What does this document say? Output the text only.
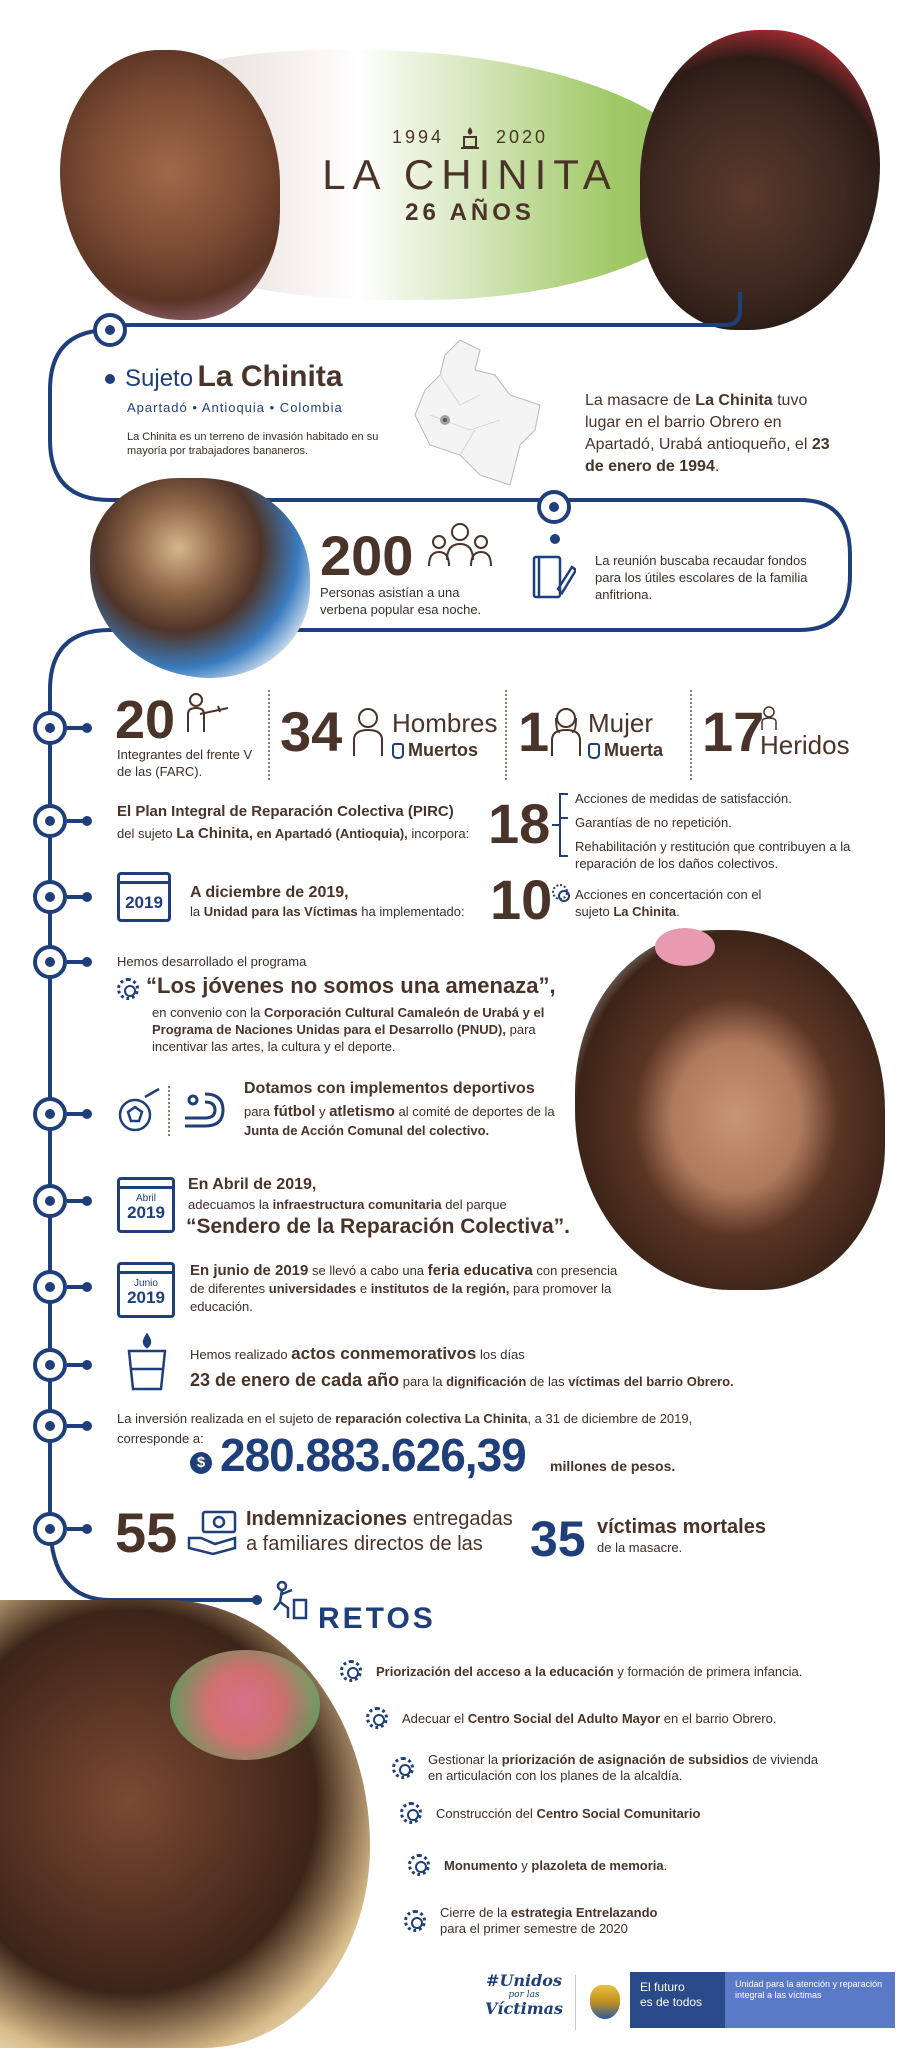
1994	2020
LA CHINITA
26 AÑOS
Sujeto La Chinita
Apartadó • Antioquia • Colombia
La Chinita es un terreno de invasión habitado en su mayoría por trabajadores bananeros.
La masacre de La Chinita tuvo lugar en el barrio Obrero en Apartadó, Urabá antioqueño, el 23 de enero de 1994.
200
Personas asistían a una verbena popular esa noche.
La reunión buscaba recaudar fondos para los útiles escolares de la familia anfitriona.
20
Integrantes del frente V de las (FARC).
34 Hombres
Muertos 1 Mujer
Muerta 17
Heridos
El Plan Integral de Reparación Colectiva (PIRC)
del sujeto La Chinita, en Apartadó (Antioquia), incorpora: 18 Acciones de medidas de satisfacción.
Garantías de no repetición.
Rehabilitación y restitución que contribuyen a la reparación de los daños colectivos.
2019
A diciembre de 2019,
la Unidad para las Víctimas ha implementado: 10 Acciones en concertación con el sujeto La Chinita.
Hemos desarrollado el programa
“Los jóvenes no somos una amenaza”,
en convenio con la Corporación Cultural Camaleón de Urabá y el Programa de Naciones Unidas para el Desarrollo (PNUD), para incentivar las artes, la cultura y el deporte.
Dotamos con implementos deportivos
para fútbol y atletismo al comité de deportes de la Junta de Acción Comunal del colectivo.
Abril
2019
En Abril de 2019,
adecuamos la infraestructura comunitaria del parque
“Sendero de la Reparación Colectiva”.
Junio
2019
En junio de 2019 se llevó a cabo una feria educativa con presencia de diferentes universidades e institutos de la región, para promover la educación.
Hemos realizado actos conmemorativos los días
23 de enero de cada año para la dignificación de las víctimas del barrio Obrero.
La inversión realizada en el sujeto de reparación colectiva La Chinita, a 31 de diciembre de 2019,
corresponde a:
$ 280.883.626,39 millones de pesos.
55	Indemnizaciones entregadas
a familiares directos de las 35 víctimas mortales
de la masacre.
RETOS
Priorización del acceso a la educación y formación de primera infancia.
Adecuar el Centro Social del Adulto Mayor en el barrio Obrero.
Gestionar la priorización de asignación de subsidios de vivienda en articulación con los planes de la alcaldía.
Construcción del Centro Social Comunitario
Monumento y plazoleta de memoria.
Cierre de la estrategia Entrelazando para el primer semestre de 2020
#Unidos
por las
Víctimas
El futuro
es de todos
Unidad para la atención y reparación integral a las víctimas
